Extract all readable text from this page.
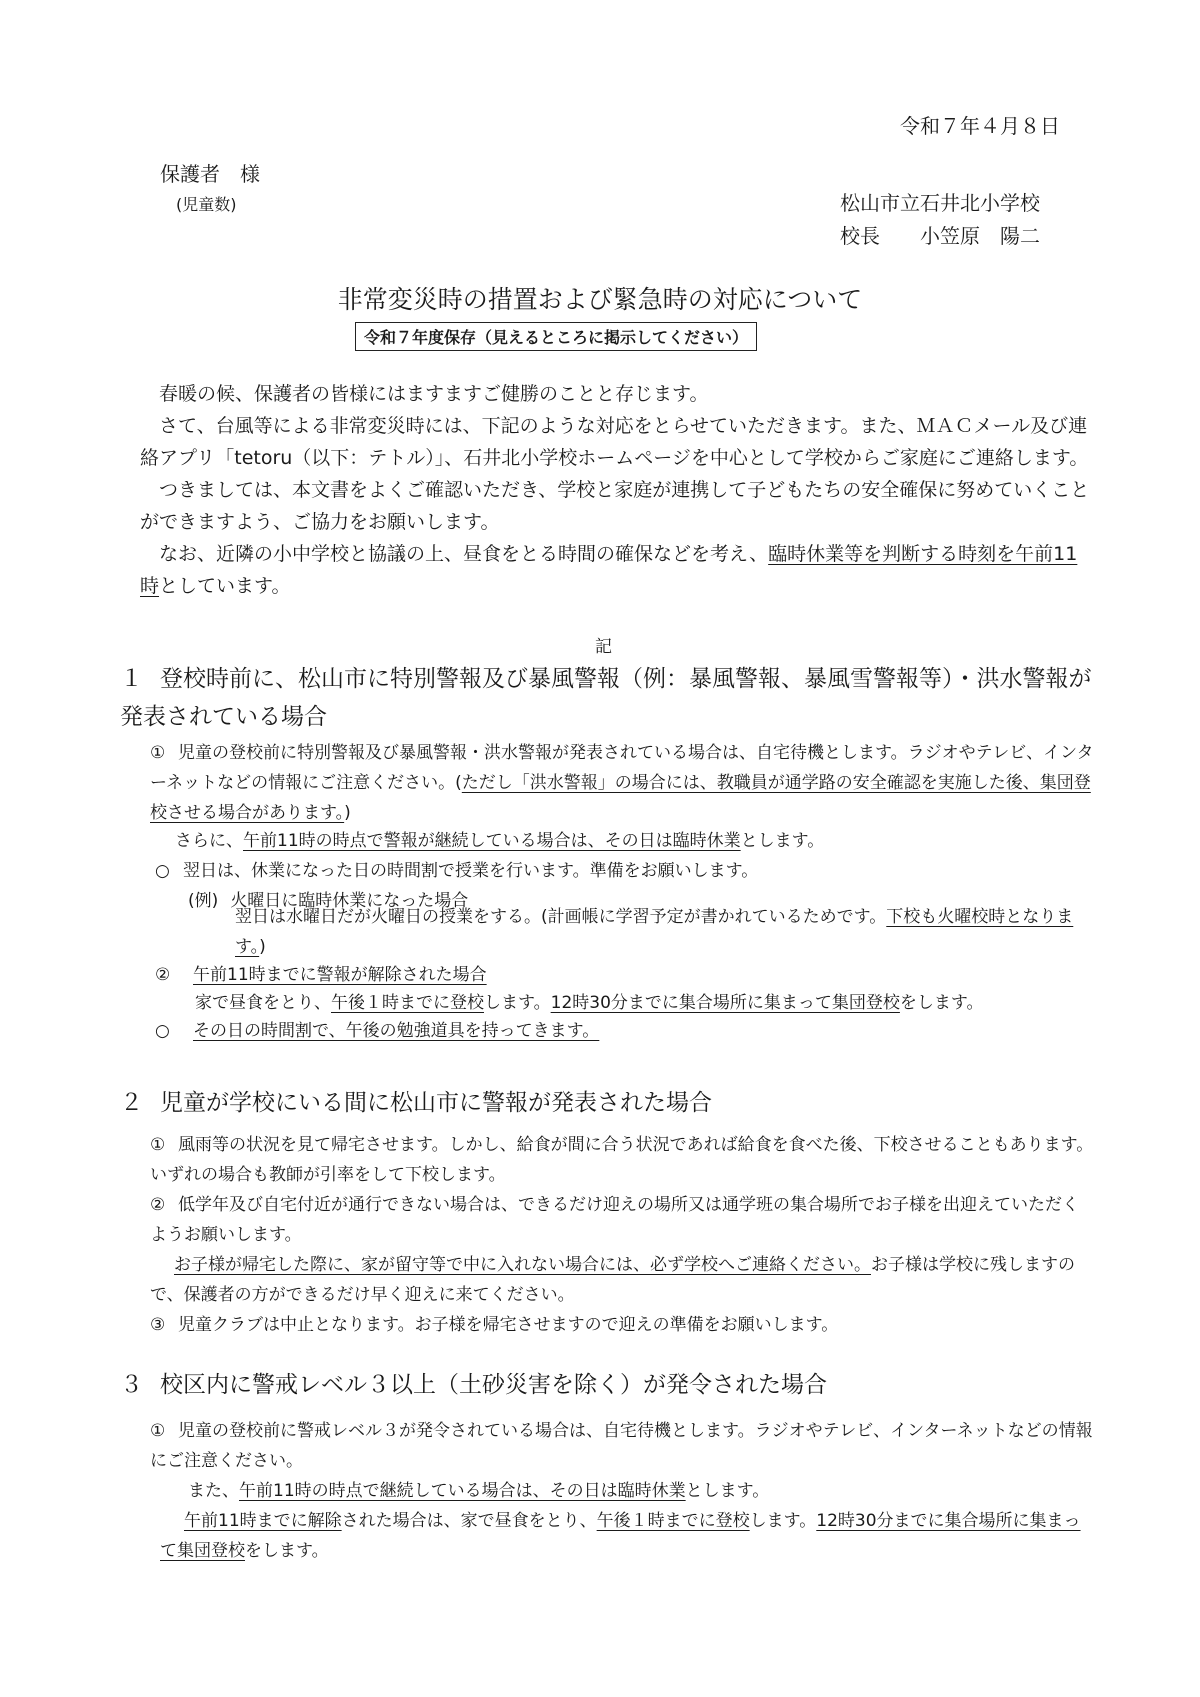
令和７年４月８日
保護者　様
(児童数)	松山市立石井北小学校
校長　　小笠原　陽二
非常変災時の措置および緊急時の対応について
令和７年度保存（見えるところに掲示してください）

春暖の候、保護者の皆様にはますますご健勝のことと存じます。

さて、台風等による非常変災時には、下記のような対応をとらせていただきます。また、ＭＡＣメール及び連絡アプリ「tetoru（以下：テトル）」、石井北小学校ホームページを中心として学校からご家庭にご連絡します。

つきましては、本文書をよくご確認いただき、学校と家庭が連携して子どもたちの安全確保に努めていくことができますよう、ご協力をお願いします。

なお、近隣の小中学校と協議の上、昼食をとる時間の確保などを考え、臨時休業等を判断する時刻を午前11時としています。

記
１ 登校時前に、松山市に特別警報及び暴風警報（例：暴風警報、暴風雪警報等）・洪水警報が発表されている場合
① 児童の登校前に特別警報及び暴風警報・洪水警報が発表されている場合は、自宅待機とします。ラジオやテレビ、インターネットなどの情報にご注意ください。(ただし「洪水警報」の場合には、教職員が通学路の安全確認を実施した後、集団登校させる場合があります。)
さらに、午前11時の時点で警報が継続している場合は、その日は臨時休業とします。
○ 翌日は、休業になった日の時間割で授業を行います。準備をお願いします。
(例) 火曜日に臨時休業になった場合
翌日は水曜日だが火曜日の授業をする。(計画帳に学習予定が書かれているためです。下校も火曜校時となります。)
② 午前11時までに警報が解除された場合
家で昼食をとり、午後１時までに登校します。12時30分までに集合場所に集まって集団登校をします。
○ その日の時間割で、午後の勉強道具を持ってきます。
２ 児童が学校にいる間に松山市に警報が発表された場合
① 風雨等の状況を見て帰宅させます。しかし、給食が間に合う状況であれば給食を食べた後、下校させることもあります。いずれの場合も教師が引率をして下校します。
② 低学年及び自宅付近が通行できない場合は、できるだけ迎えの場所又は通学班の集合場所でお子様を出迎えていただくようお願いします。
お子様が帰宅した際に、家が留守等で中に入れない場合には、必ず学校へご連絡ください。お子様は学校に残しますので、保護者の方ができるだけ早く迎えに来てください。
③ 児童クラブは中止となります。お子様を帰宅させますので迎えの準備をお願いします。
３ 校区内に警戒レベル３以上（土砂災害を除く）が発令された場合
① 児童の登校前に警戒レベル３が発令されている場合は、自宅待機とします。ラジオやテレビ、インターネットなどの情報にご注意ください。
また、午前11時の時点で継続している場合は、その日は臨時休業とします。
午前11時までに解除された場合は、家で昼食をとり、午後１時までに登校します。12時30分までに集合場所に集まって集団登校をします。
